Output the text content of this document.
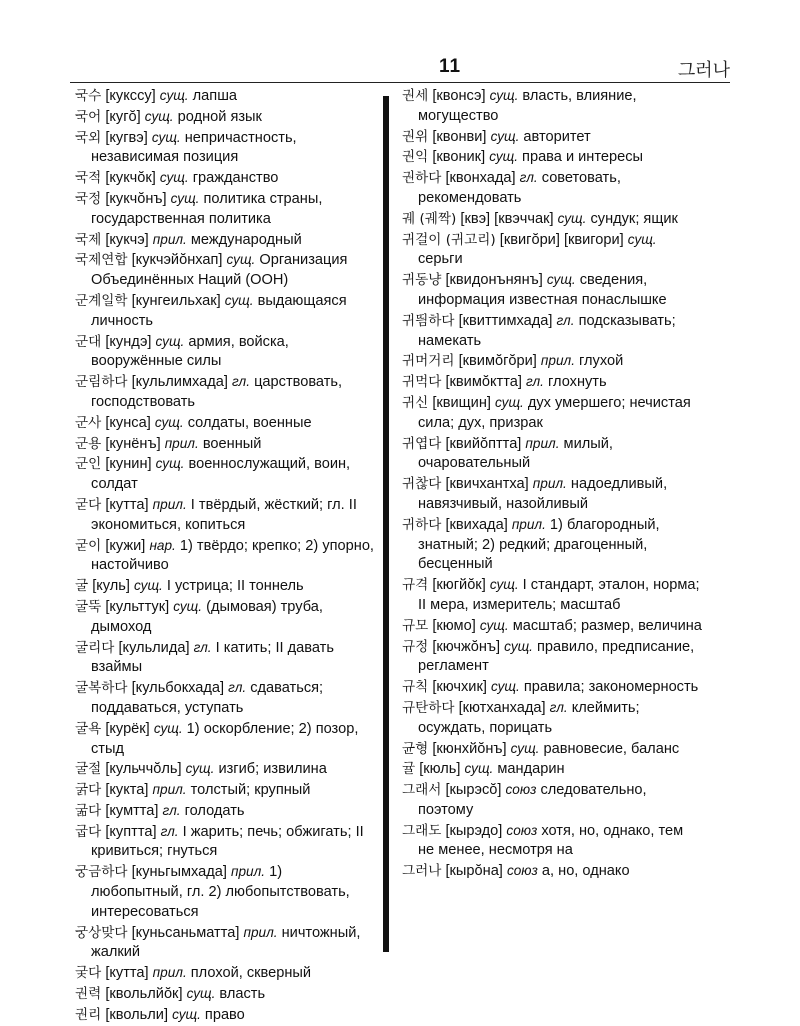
11	그러나

국수 [кукссу] сущ. лапша

국어 [кугŏ] сущ. родной язык

국외 [кугвэ] сущ. непричастность, независимая позиция

국적 [кукчŏк] сущ. гражданство

국정 [кукчŏнъ] сущ. политика страны, государственная политика

국제 [кукчэ] прил. международный

국제연합 [кукчэйŏнхап] сущ. Организация Объединённых Наций (ООН)

군계일학 [кунгеильхак] сущ. выдающаяся личность

군대 [кундэ] сущ. армия, войска, вооружённые силы

군림하다 [кульлимхада] гл. царствовать, господствовать

군사 [кунса] сущ. солдаты, военные

군용 [кунёнъ] прил. военный

군인 [кунин] сущ. военнослужащий, воин, солдат

굳다 [кутта] прил. I твёрдый, жёсткий; гл. II экономиться, копиться

굳이 [кужи] нар. 1) твёрдо; крепко; 2) упорно, настойчиво

굴 [куль] сущ. I устрица; II тоннель

굴뚝 [культтук] сущ. (дымовая) труба, дымоход

굴리다 [кульлида] гл. I катить; II давать взаймы

굴복하다 [кульбокхада] гл. сдаваться; поддаваться, уступать

굴욕 [курёк] сущ. 1) оскорбление; 2) позор, стыд

굴절 [кульччŏль] сущ. изгиб; извилина

굵다 [кукта] прил. толстый; крупный

굶다 [кумтта] гл. голодать

굽다 [куптта] гл. I жарить; печь; обжигать; II кривиться; гнуться

궁금하다 [куньгымхада] прил. 1) любопытный, гл. 2) любопытствовать, интересоваться

궁상맞다 [куньсаньматта] прил. ничтожный, жалкий

궂다 [кутта] прил. плохой, скверный

권력 [квольлйŏк] сущ. власть

권리 [квольли] сущ. право

권세 [квонсэ] сущ. власть, влияние, могущество

권위 [квонви] сущ. авторитет

권익 [квоник] сущ. права и интересы

권하다 [квонхада] гл. советовать, рекомендовать

궤 (궤짝) [квэ] [квэччак] сущ. сундук; ящик

귀걸이 (귀고리) [квигŏри] [квигори] сущ. серьги

귀동냥 [квидонънянъ] сущ. сведения, информация известная понаслышке

귀띔하다 [квиттимхада] гл. подсказывать; намекать

귀머거리 [квимŏгŏри] прил. глухой

귀먹다 [квимŏктта] гл. глохнуть

귀신 [квищин] сущ. дух умершего; нечистая сила; дух, призрак

귀엽다 [квийŏптта] прил. милый, очаровательный

귀찮다 [квичхантха] прил. надоедливый, навязчивый, назойливый

귀하다 [квихада] прил. 1) благородный, знатный; 2) редкий; драгоценный, бесценный

규격 [кюгйŏк] сущ. I стандарт, эталон, норма; II мера, измеритель; масштаб

규모 [кюмо] сущ. масштаб; размер, величина

규정 [кючжŏнъ] сущ. правило, предписание, регламент

규칙 [кючхик] сущ. правила; закономерность

규탄하다 [кютханхада] гл. клеймить; осуждать, порицать

균형 [кюнхйŏнъ] сущ. равновесие, баланс

귤 [кюль] сущ. мандарин

그래서 [кырэсŏ] союз следовательно, поэтому

그래도 [кырэдо] союз хотя, но, однако, тем не менее, несмотря на

그러나 [кырŏна] союз а, но, однако
